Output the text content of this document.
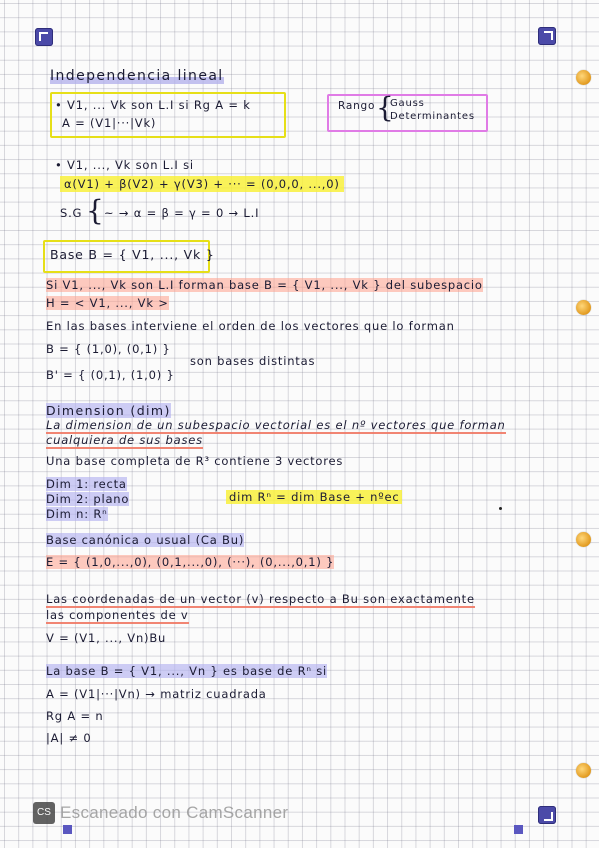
Independencia lineal
• V1, ... Vk son L.I si Rg A = k
A = (V1|···|Vk)
Rango {
Gauss
Determinantes
• V1, ..., Vk son L.I si
α(V1) + β(V2) + γ(V3) + ··· = (0,0,0, ...,0)
S.G { ~ → α = β = γ = 0 → L.I
Base B = { V1, ..., Vk }
Si V1, ..., Vk son L.I forman base B = { V1, ..., Vk } del subespacio
H = < V1, ..., Vk >
En las bases interviene el orden de los vectores que lo forman
B = { (1,0), (0,1) }
B' = { (0,1), (1,0) }
son bases distintas
Dimension (dim)
La dimension de un subespacio vectorial es el nº vectores que forman
cualquiera de sus bases
Una base completa de R³ contiene 3 vectores
Dim 1: recta
Dim 2: plano
Dim n: Rⁿ
dim Rⁿ = dim Base + nºec
Base canónica o usual (Ca Bu)
E = { (1,0,...,0), (0,1,...,0), (···), (0,...,0,1) }
Las coordenadas de un vector (v) respecto a Bu son exactamente
las componentes de v
V = (V1, ..., Vn)Bu
La base B = { V1, ..., Vn } es base de Rⁿ si
A = (V1|···|Vn) → matriz cuadrada
Rg A = n
|A| ≠ 0
CS Escaneado con CamScanner
